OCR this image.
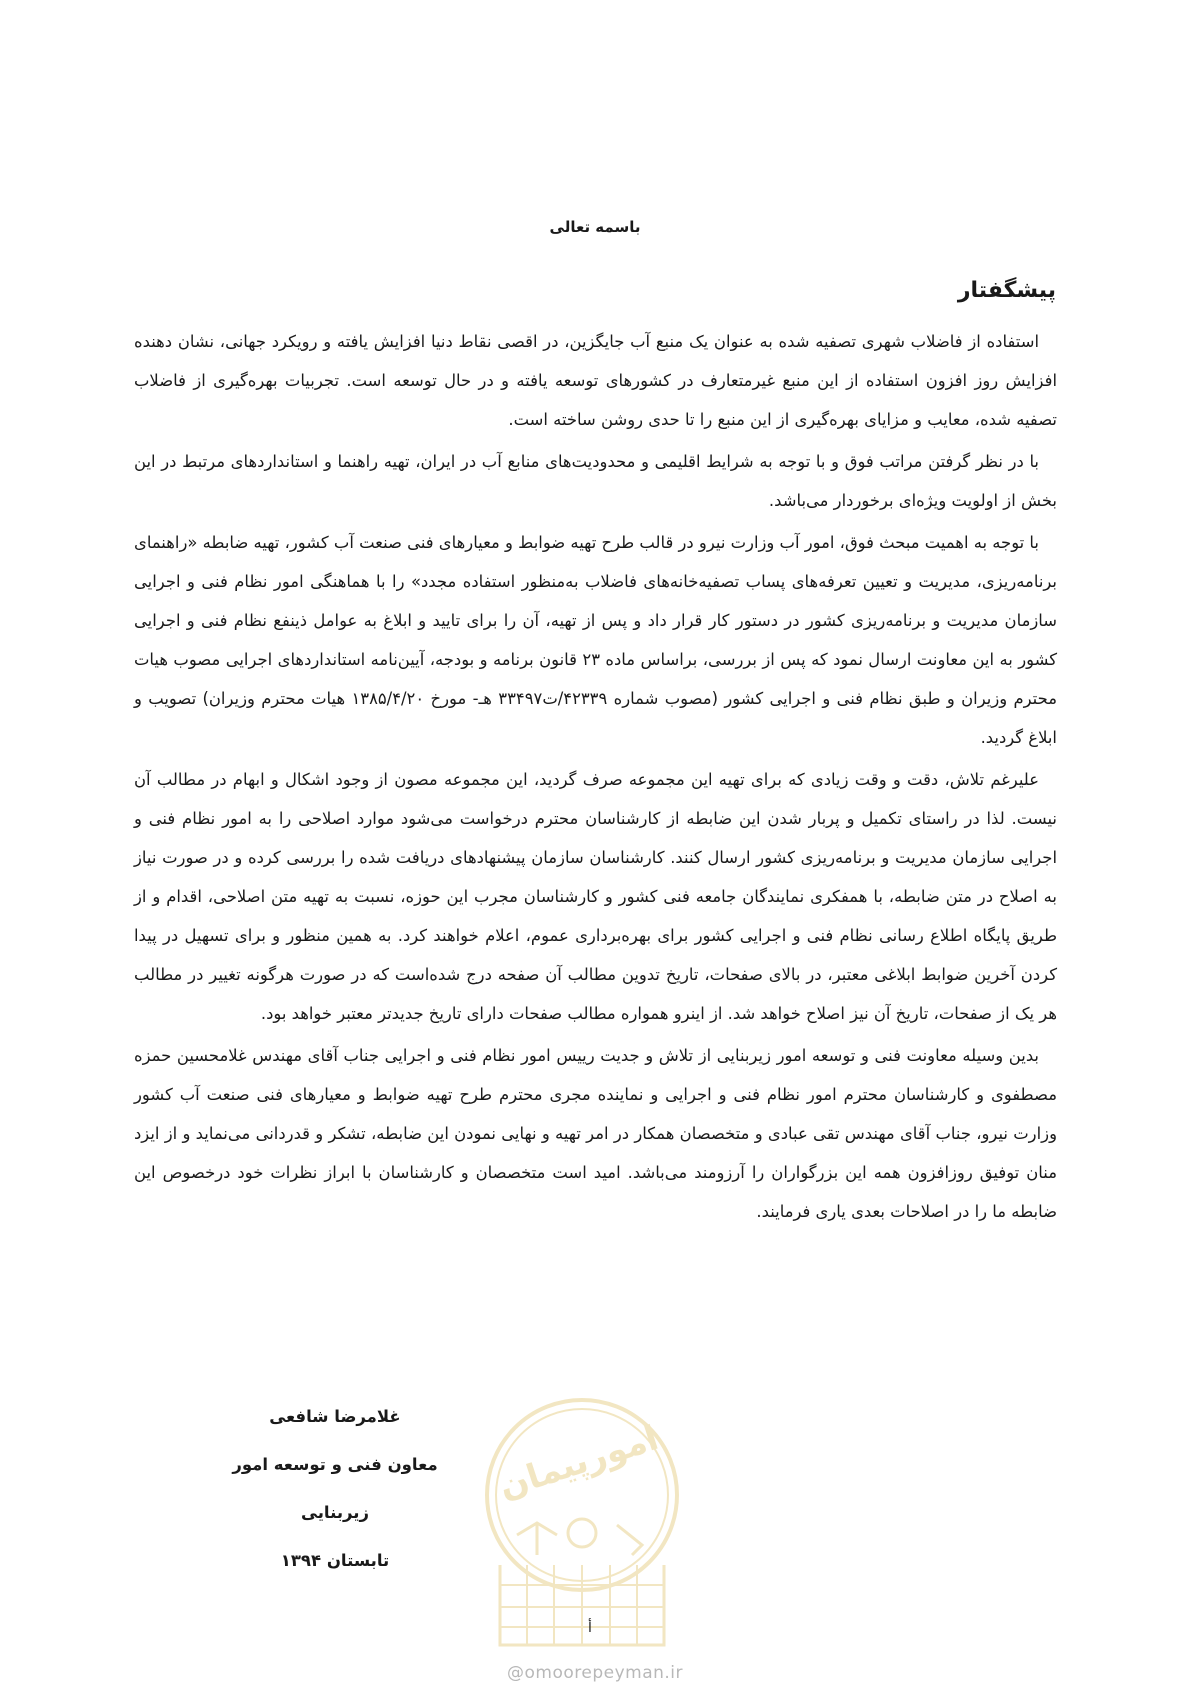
باسمه تعالی
پیشگفتار

استفاده از فاضلاب شهری تصفیه شده به عنوان یک منبع آب جایگزین، در اقصی نقاط دنیا افزایش یافته و رویکرد جهانی، نشان دهنده افزایش روز افزون استفاده از این منبع غیرمتعارف در کشورهای توسعه یافته و در حال توسعه است. تجربیات بهره‌گیری از فاضلاب تصفیه شده، معایب و مزایای بهره‌گیری از این منبع را تا حدی روشن ساخته است.

با در نظر گرفتن مراتب فوق و با توجه به شرایط اقلیمی و محدودیت‌های منابع آب در ایران، تهیه راهنما و استانداردهای مرتبط در این بخش از اولویت ویژه‌ای برخوردار می‌باشد.

با توجه به اهمیت مبحث فوق، امور آب وزارت نیرو در قالب طرح تهیه ضوابط و معیارهای فنی صنعت آب کشور، تهیه ضابطه «راهنمای برنامه‌ریزی، مدیریت و تعیین تعرفه‌های پساب تصفیه‌خانه‌های فاضلاب به‌منظور استفاده مجدد» را با هماهنگی امور نظام فنی و اجرایی سازمان مدیریت و برنامه‌ریزی کشور در دستور کار قرار داد و پس از تهیه، آن را برای تایید و ابلاغ به عوامل ذینفع نظام فنی و اجرایی کشور به این معاونت ارسال نمود که پس از بررسی، براساس ماده ۲۳ قانون برنامه و بودجه، آیین‌نامه استانداردهای اجرایی مصوب هیات محترم وزیران و طبق نظام فنی و اجرایی کشور (مصوب شماره ۴۲۳۳۹/ت۳۳۴۹۷ هـ- مورخ ۱۳۸۵/۴/۲۰ هیات محترم وزیران) تصویب و ابلاغ گردید.

علیرغم تلاش، دقت و وقت زیادی که برای تهیه این مجموعه صرف گردید، این مجموعه مصون از وجود اشکال و ابهام در مطالب آن نیست. لذا در راستای تکمیل و پربار شدن این ضابطه از کارشناسان محترم درخواست می‌شود موارد اصلاحی را به امور نظام فنی و اجرایی سازمان مدیریت و برنامه‌ریزی کشور ارسال کنند. کارشناسان سازمان پیشنهادهای دریافت شده را بررسی کرده و در صورت نیاز به اصلاح در متن ضابطه، با همفکری نمایندگان جامعه فنی کشور و کارشناسان مجرب این حوزه، نسبت به تهیه متن اصلاحی، اقدام و از طریق پایگاه اطلاع رسانی نظام فنی و اجرایی کشور برای بهره‌برداری عموم، اعلام خواهند کرد. به همین منظور و برای تسهیل در پیدا کردن آخرین ضوابط ابلاغی معتبر، در بالای صفحات، تاریخ تدوین مطالب آن صفحه درج شده‌است که در صورت هرگونه تغییر در مطالب هر یک از صفحات، تاریخ آن نیز اصلاح خواهد شد. از اینرو همواره مطالب صفحات دارای تاریخ جدیدتر معتبر خواهد بود.

بدین وسیله معاونت فنی و توسعه امور زیربنایی از تلاش و جدیت رییس امور نظام فنی و اجرایی جناب آقای مهندس غلامحسین حمزه مصطفوی و کارشناسان محترم امور نظام فنی و اجرایی و نماینده مجری محترم طرح تهیه ضوابط و معیارهای فنی صنعت آب کشور وزارت نیرو، جناب آقای مهندس تقی عبادی و متخصصان همکار در امر تهیه و نهایی نمودن این ضابطه، تشکر و قدردانی می‌نماید و از ایزد منان توفیق روزافزون همه این بزرگواران را آرزومند می‌باشد. امید است متخصصان و کارشناسان با ابراز نظرات خود درخصوص این ضابطه ما را در اصلاحات بعدی یاری فرمایند.

غلامرضا شافعی
معاون فنی و توسعه امور زیربنایی
تابستان ۱۳۹۴
امورپیمان
أ
@omoorepeyman.ir
